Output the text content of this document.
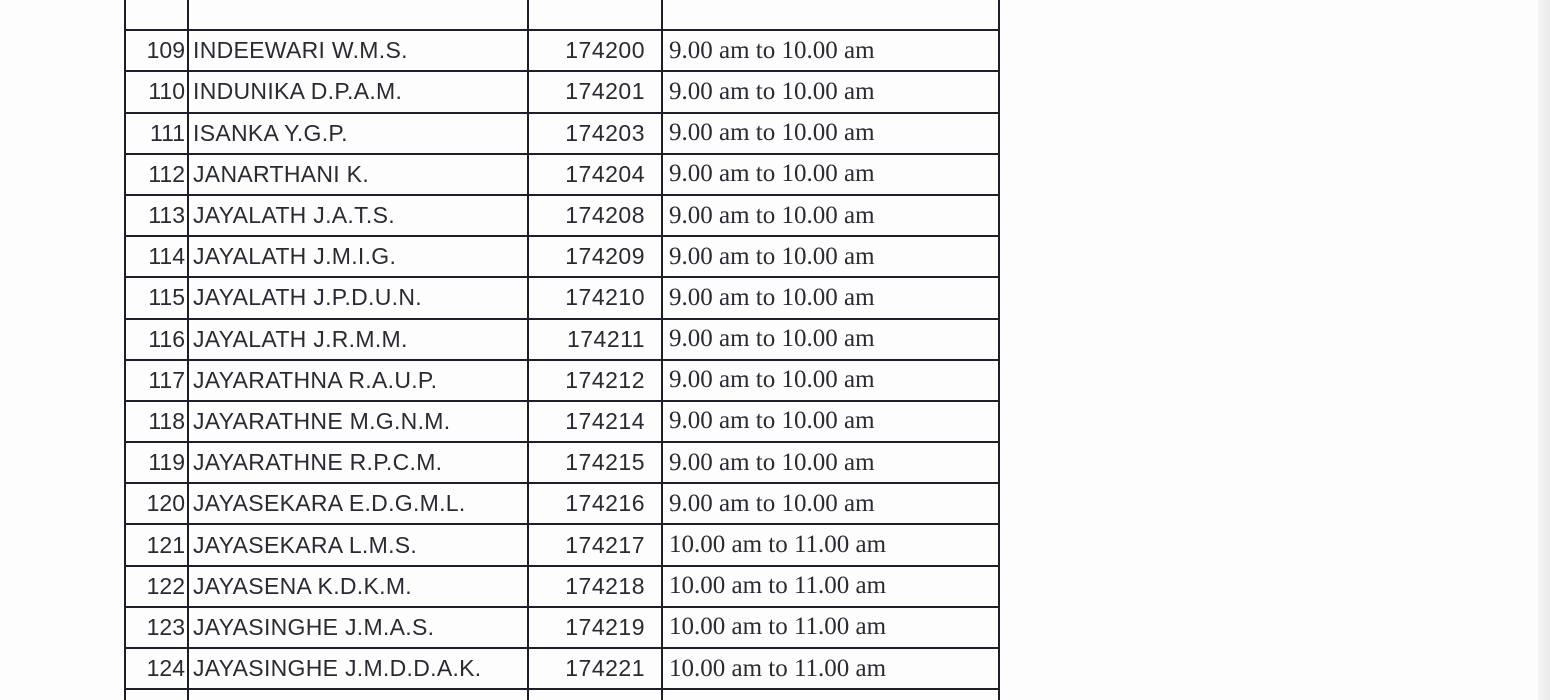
109	INDEEWARI W.M.S.	174200	9.00 am to 10.00 am
110	INDUNIKA D.P.A.M.	174201	9.00 am to 10.00 am
111	ISANKA Y.G.P.	174203	9.00 am to 10.00 am
112	JANARTHANI K.	174204	9.00 am to 10.00 am
113	JAYALATH J.A.T.S.	174208	9.00 am to 10.00 am
114	JAYALATH J.M.I.G.	174209	9.00 am to 10.00 am
115	JAYALATH J.P.D.U.N.	174210	9.00 am to 10.00 am
116	JAYALATH J.R.M.M.	174211	9.00 am to 10.00 am
117	JAYARATHNA R.A.U.P.	174212	9.00 am to 10.00 am
118	JAYARATHNE M.G.N.M.	174214	9.00 am to 10.00 am
119	JAYARATHNE R.P.C.M.	174215	9.00 am to 10.00 am
120	JAYASEKARA E.D.G.M.L.	174216	9.00 am to 10.00 am
121	JAYASEKARA L.M.S.	174217	10.00 am to 11.00 am
122	JAYASENA K.D.K.M.	174218	10.00 am to 11.00 am
123	JAYASINGHE J.M.A.S.	174219	10.00 am to 11.00 am
124	JAYASINGHE J.M.D.D.A.K.	174221	10.00 am to 11.00 am
